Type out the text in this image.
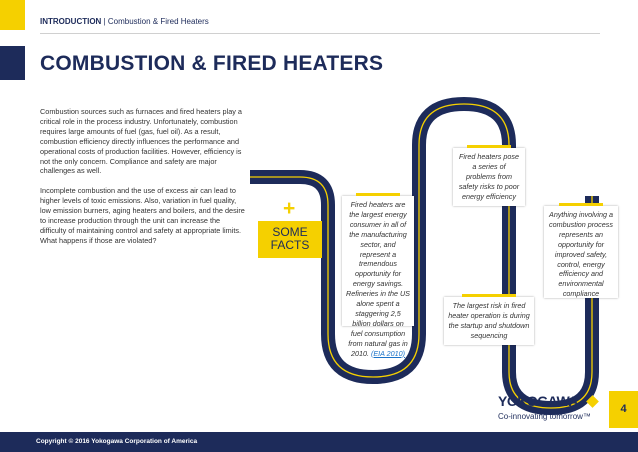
INTRODUCTION | Combustion & Fired Heaters
COMBUSTION & FIRED HEATERS

Combustion sources such as furnaces and fired heaters play a critical role in the process industry. Unfortunately, combustion requires large amounts of fuel (gas, fuel oil). As a result, combustion efficiency directly influences the performance and operational costs of production facilities. However, efficiency is not the only concern. Compliance and safety are major challenges as well.

Incomplete combustion and the use of excess air can lead to higher levels of toxic emissions. Also, variation in fuel quality, low emission burners, aging heaters and boilers, and the desire to increase production through the unit can increase the difficulty of maintaining control and safety at appropriate limits. What happens if those are violated?

+
SOME
FACTS
Fired heaters are the largest energy consumer in all of the manufacturing sector, and represent a tremendous opportunity for energy savings. Refineries in the US alone spent a staggering 2,5 billion dollars on fuel consumption from natural gas in 2010. (EIA 2010)
Fired heaters pose a series of problems from safety risks to poor energy efficiency
The largest risk in fired heater operation is during the startup and shutdown sequencing
Anything involving a combustion process represents an opportunity for improved safety, control, energy efficiency and environmental compliance
YOKOGAWA
Co-innovating tomorrow™
4
Copyright © 2016 Yokogawa Corporation of America
